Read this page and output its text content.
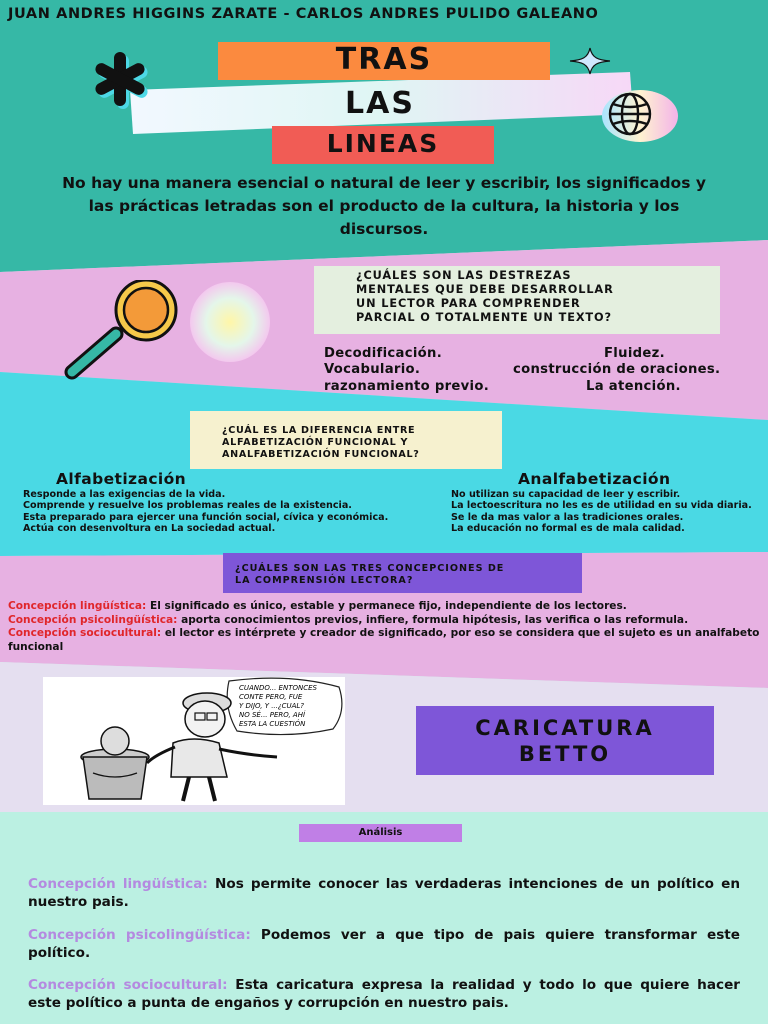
JUAN ANDRES HIGGINS ZARATE - CARLOS ANDRES PULIDO GALEANO
TRAS
LAS
LINEAS
No hay una manera esencial o natural de leer y escribir, los significados y las prácticas letradas son el producto de la cultura, la historia y los discursos.

¿CUÁLES SON LAS DESTREZAS
MENTALES QUE DEBE DESARROLLAR
UN LECTOR PARA COMPRENDER
PARCIAL O TOTALMENTE UN TEXTO?

Decodificación.	Fluidez.
Vocabulario.	construcción de oraciones.
razonamiento previo.	La atención.

¿CUÁL ES LA DIFERENCIA ENTRE
ALFABETIZACIÓN FUNCIONAL Y
ANALFABETIZACIÓN FUNCIONAL?

Alfabetización
Responde a las exigencias de la vida.
Comprende y resuelve los problemas reales de la existencia.
Esta preparado para ejercer una función social, cívica y económica.
Actúa con desenvoltura en La sociedad actual.
Analfabetización
No utilizan su capacidad de leer y escribir.
La lectoescritura no les es de utilidad en su vida diaria.
Se le da mas valor a las tradiciones orales.
La educación no formal es de mala calidad.

¿CUÁLES SON LAS TRES CONCEPCIONES DE
LA COMPRENSIÓN LECTORA?

Concepción lingüística: El significado es único, estable y permanece fijo, independiente de los lectores.
Concepción psicolingüística: aporta conocimientos previos, infiere, formula hipótesis, las verifica o las reformula.
Concepción sociocultural: el lector es intérprete y creador de significado, por eso se considera que el sujeto es un analfabeto funcional
CUANDO... ENTONCES
CONTE PERO, FUE
Y DIJO, Y ...¿CUAL?
NO SÉ... PERO, AHÍ
ESTA LA CUESTIÓN	CARICATURA
BETTO
Análisis
Concepción lingüística: Nos permite conocer las verdaderas intenciones de un político en nuestro pais.
Concepción psicolingüística: Podemos ver a que tipo de pais quiere transformar este político.
Concepción sociocultural: Esta caricatura expresa la realidad y todo lo que quiere hacer este político a punta de engaños y corrupción en nuestro pais.
